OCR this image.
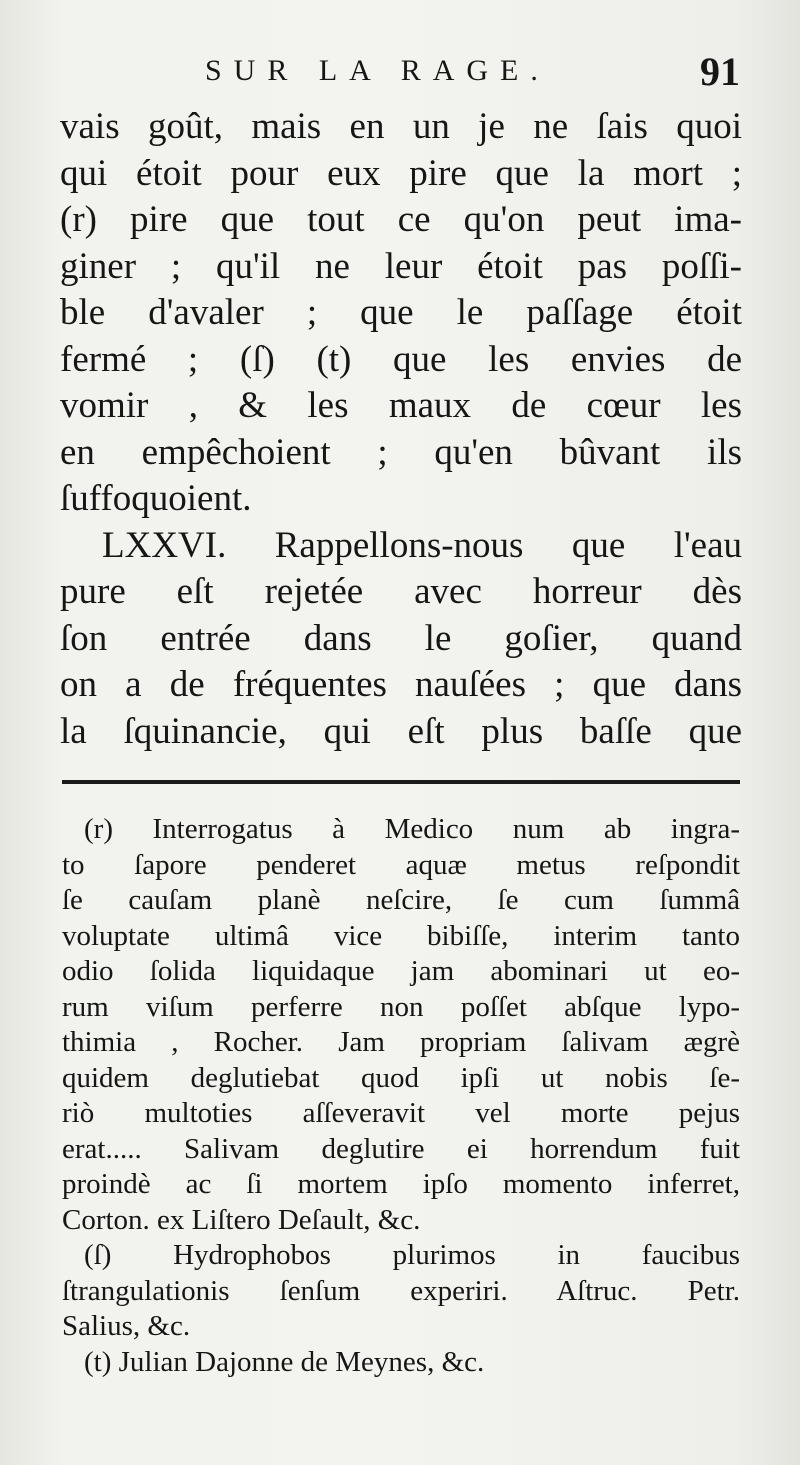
SUR LA RAGE.	91
vais goût, mais en un je ne ſais quoi
qui étoit pour eux pire que la mort ;
(r) pire que tout ce qu'on peut ima-
giner ; qu'il ne leur étoit pas poſſi-
ble d'avaler ; que le paſſage étoit
fermé ; (ſ) (t) que les envies de
vomir , & les maux de cœur les
en empêchoient ; qu'en bûvant ils
ſuffoquoient.
LXXVI. Rappellons-nous que l'eau
pure eſt rejetée avec horreur dès
ſon entrée dans le goſier, quand
on a de fréquentes nauſées ; que dans
la ſquinancie, qui eſt plus baſſe que
(r) Interrogatus à Medico num ab ingra-
to ſapore penderet aquæ metus reſpondit
ſe cauſam planè neſcire, ſe cum ſummâ
voluptate ultimâ vice bibiſſe, interim tanto
odio ſolida liquidaque jam abominari ut eo-
rum viſum perferre non poſſet abſque lypo-
thimia , Rocher. Jam propriam ſalivam ægrè
quidem deglutiebat quod ipſi ut nobis ſe-
riò multoties aſſeveravit vel morte pejus
erat..... Salivam deglutire ei horrendum fuit
proindè ac ſi mortem ipſo momento inferret,
Corton. ex Liſtero Deſault, &c.
(ſ) Hydrophobos plurimos in faucibus
ſtrangulationis ſenſum experiri. Aſtruc. Petr.
Salius, &c.
(t) Julian Dajonne de Meynes, &c.
